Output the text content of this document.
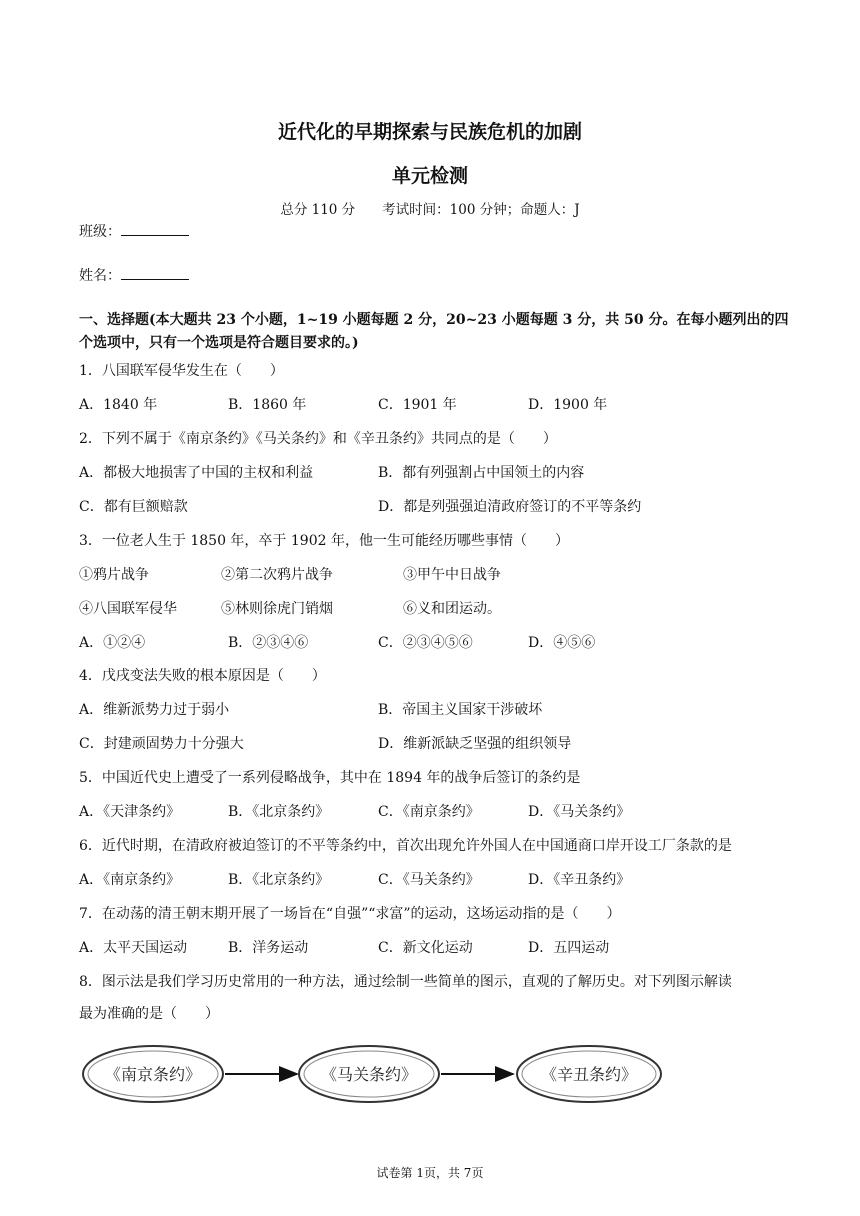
近代化的早期探索与民族危机的加剧
单元检测
总分 110 分　　考试时间：100 分钟；命题人：J
班级：
姓名：
一、选择题(本大题共 23 个小题，1~19 小题每题 2 分，20~23 小题每题 3 分，共 50 分。在每小题列出的四个选项中，只有一个选项是符合题目要求的。)
1．八国联军侵华发生在（　　）
A．1840 年	B．1860 年	C．1901 年	D．1900 年
2．下列不属于《南京条约》《马关条约》和《辛丑条约》共同点的是（　　）
A．都极大地损害了中国的主权和利益	B．都有列强割占中国领土的内容
C．都有巨额赔款	D．都是列强强迫清政府签订的不平等条约
3．一位老人生于 1850 年，卒于 1902 年，他一生可能经历哪些事情（　　）
①鸦片战争	②第二次鸦片战争	③甲午中日战争
④八国联军侵华	⑤林则徐虎门销烟	⑥义和团运动。
A．①②④	B．②③④⑥	C．②③④⑤⑥	D．④⑤⑥
4．戊戌变法失败的根本原因是（　　）
A．维新派势力过于弱小	B．帝国主义国家干涉破坏
C．封建顽固势力十分强大	D．维新派缺乏坚强的组织领导
5．中国近代史上遭受了一系列侵略战争，其中在 1894 年的战争后签订的条约是
A．《天津条约》	B．《北京条约》	C．《南京条约》	D．《马关条约》
6．近代时期，在清政府被迫签订的不平等条约中，首次出现允许外国人在中国通商口岸开设工厂条款的是
A．《南京条约》	B．《北京条约》	C．《马关条约》	D．《辛丑条约》
7．在动荡的清王朝末期开展了一场旨在“自强”“求富”的运动，这场运动指的是（　　）
A．太平天国运动	B．洋务运动	C．新文化运动	D．五四运动
8．图示法是我们学习历史常用的一种方法，通过绘制一些简单的图示，直观的了解历史。对下列图示解读
最为准确的是（　　）
《南京条约》	《马关条约》	《辛丑条约》
试卷第 1页，共 7页
